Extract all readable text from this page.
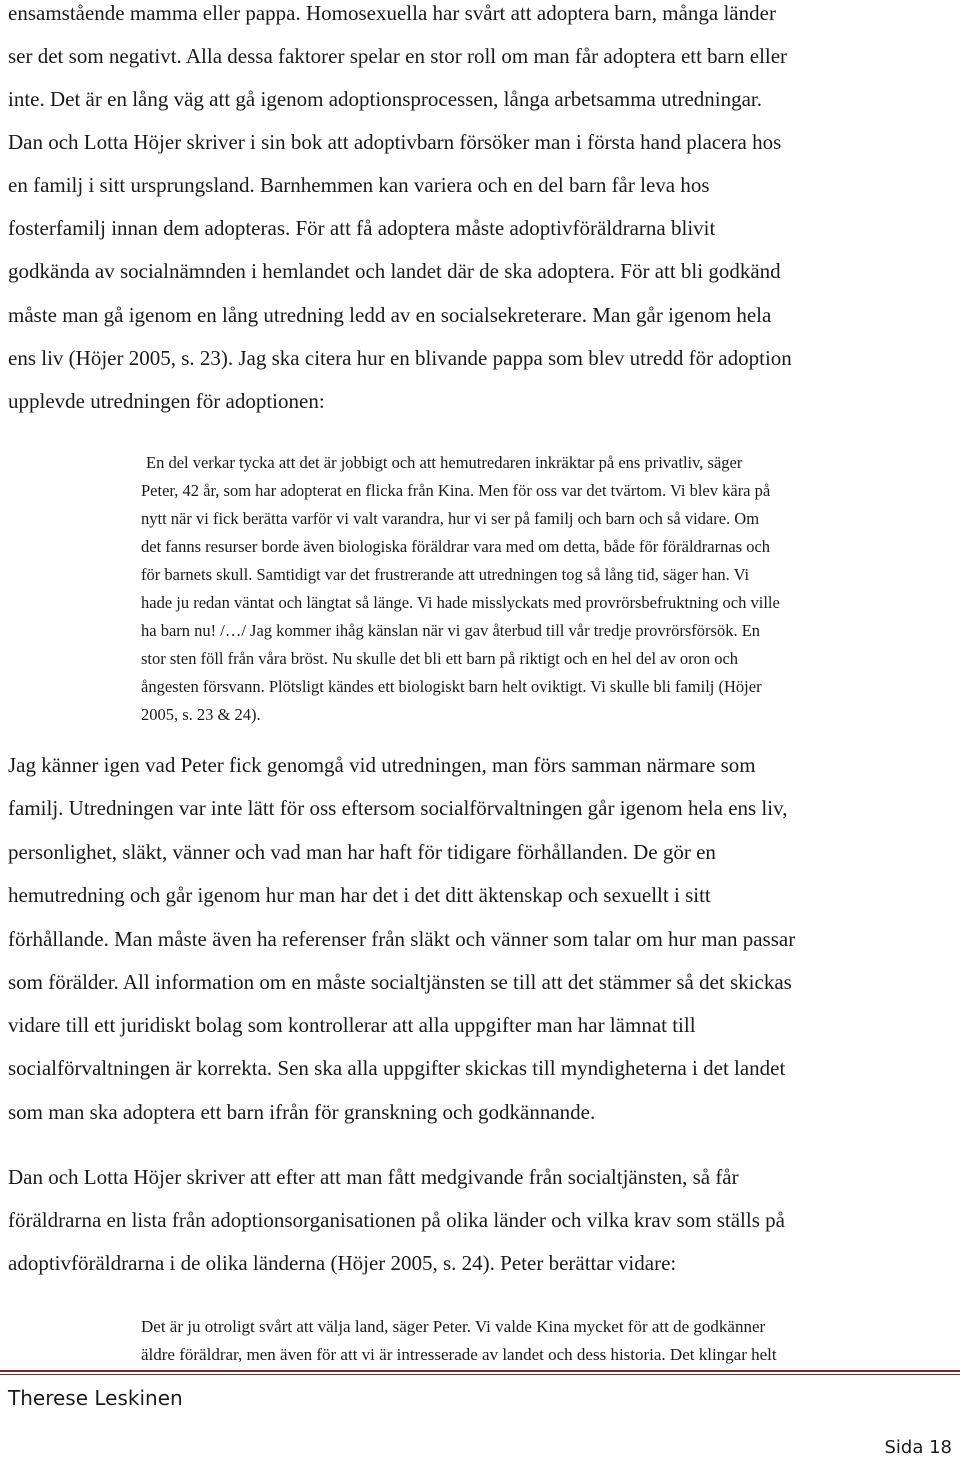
ensamstående mamma eller pappa. Homosexuella har svårt att adoptera barn, många länder
ser det som negativt. Alla dessa faktorer spelar en stor roll om man får adoptera ett barn eller
inte. Det är en lång väg att gå igenom adoptionsprocessen, långa arbetsamma utredningar.
Dan och Lotta Höjer skriver i sin bok att adoptivbarn försöker man i första hand placera hos
en familj i sitt ursprungsland. Barnhemmen kan variera och en del barn får leva hos
fosterfamilj innan dem adopteras. För att få adoptera måste adoptivföräldrarna blivit
godkända av socialnämnden i hemlandet och landet där de ska adoptera. För att bli godkänd
måste man gå igenom en lång utredning ledd av en socialsekreterare. Man går igenom hela
ens liv (Höjer 2005, s. 23). Jag ska citera hur en blivande pappa som blev utredd för adoption
upplevde utredningen för adoptionen:
En del verkar tycka att det är jobbigt och att hemutredaren inkräktar på ens privatliv, säger
Peter, 42 år, som har adopterat en flicka från Kina. Men för oss var det tvärtom. Vi blev kära på
nytt när vi fick berätta varför vi valt varandra, hur vi ser på familj och barn och så vidare. Om
det fanns resurser borde även biologiska föräldrar vara med om detta, både för föräldrarnas och
för barnets skull. Samtidigt var det frustrerande att utredningen tog så lång tid, säger han. Vi
hade ju redan väntat och längtat så länge. Vi hade misslyckats med provrörsbefruktning och ville
ha barn nu! /…/ Jag kommer ihåg känslan när vi gav återbud till vår tredje provrörsförsök. En
stor sten föll från våra bröst. Nu skulle det bli ett barn på riktigt och en hel del av oron och
ångesten försvann. Plötsligt kändes ett biologiskt barn helt oviktigt. Vi skulle bli familj (Höjer
2005, s. 23 & 24).
Jag känner igen vad Peter fick genomgå vid utredningen, man förs samman närmare som
familj. Utredningen var inte lätt för oss eftersom socialförvaltningen går igenom hela ens liv,
personlighet, släkt, vänner och vad man har haft för tidigare förhållanden. De gör en
hemutredning och går igenom hur man har det i det ditt äktenskap och sexuellt i sitt
förhållande. Man måste även ha referenser från släkt och vänner som talar om hur man passar
som förälder. All information om en måste socialtjänsten se till att det stämmer så det skickas
vidare till ett juridiskt bolag som kontrollerar att alla uppgifter man har lämnat till
socialförvaltningen är korrekta. Sen ska alla uppgifter skickas till myndigheterna i det landet
som man ska adoptera ett barn ifrån för granskning och godkännande.
Dan och Lotta Höjer skriver att efter att man fått medgivande från socialtjänsten, så får
föräldrarna en lista från adoptionsorganisationen på olika länder och vilka krav som ställs på
adoptivföräldrarna i de olika länderna (Höjer 2005, s. 24). Peter berättar vidare:
Det är ju otroligt svårt att välja land, säger Peter. Vi valde Kina mycket för att de godkänner
äldre föräldrar, men även för att vi är intresserade av landet och dess historia. Det klingar helt
Therese Leskinen
Sida 18
